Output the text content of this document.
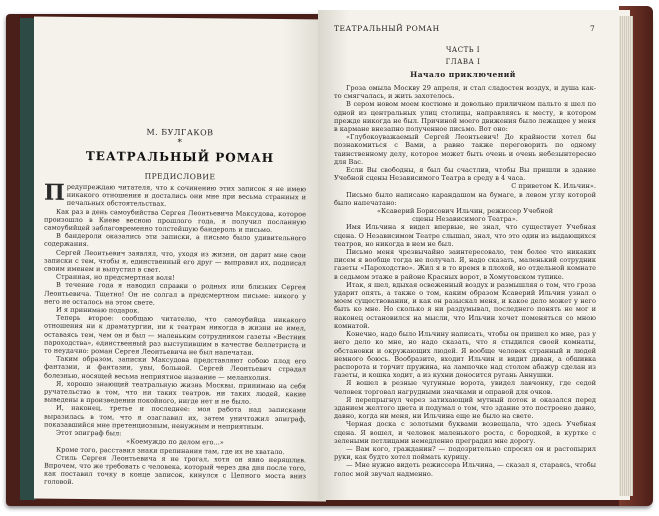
М. БУЛГАКОВ
*
ТЕАТРАЛЬНЫЙ РОМАН
ПРЕДИСЛОВИЕ

Предупреждаю читателя, что к сочинению этих записок я не имею никакого отношения и достались они мне при весьма странных и печальных обстоятельствах.

Как раз в день самоубийства Сергея Леонтьевича Максудова, которое произошло в Киеве весною прошлого года, я получил посланную самоубийцей заблаговременно толстейшую бандероль и письмо.

В бандероли оказались эти записки, а письмо было удивительного содержания.

Сергей Леонтьевич заявлял, что, уходя из жизни, он дарит мне свои записки с тем, чтобы я, единственный его друг — выправил их, подписал своим именем и выпустил в свет.

Странная, но предсмертная воля!

В течение года я наводил справки о родных или близких Сергея Леонтьевича. Тщетно! Он не солгал в предсмертном письме: никого у него не осталось на этом свете.

И я принимаю подарок.

Теперь второе: сообщаю читателю, что самоубийца никакого отношения ни к драматургии, ни к театрам никогда в жизни не имел, оставаясь тем, чем он и был — маленьким сотрудником газеты «Вестник пароходства», единственный раз выступившим в качестве беллетриста и то неудачно: роман Сергея Леонтьевича не был напечатан.

Таким образом, записки Максудова представляют собою плод его фантазии, и фантазии, увы, больной. Сергей Леонтьевич страдал болезнью, носящей весьма неприятное название — меланхолия.

Я, хорошо знающий театральную жизнь Москвы, принимаю на себя ручательство в том, что ни таких театров, ни таких людей, какие выведены в произведении покойного, нигде нет и не было.

И, наконец, третье и последнее: моя работа над записками выразилась в том, что я озаглавил их, затем уничтожил эпиграф, показавшийся мне претенциозным, ненужным и неприятным.

Этот эпиграф был:

«Коемуждо по делом его...»

Кроме того, расставил знаки препинания там, где их не хватало.

Стиль Сергея Леонтьевича я не трогал, хотя он явно неряшлив. Впрочем, что же требовать с человека, который через два дня после того, как поставил точку в конце записок, кинулся с Цепного моста вниз головой.

ТЕАТРАЛЬНЫЙ РОМАН	7
ЧАСТЬ I
ГЛАВА I
Начало приключений

Гроза омыла Москву 29 апреля, и стал сладостен воздух, и душа как-то смягчалась, и жить захотелось.

В сером новом моем костюме и довольно приличном пальто я шел по одной из центральных улиц столицы, направляясь к месту, в котором прежде никогда не был. Причиной моего движения было лежащее у меня в кармане внезапно полученное письмо. Вот оно:

«Глубокоуважаемый Сергей Леонтьевич! До крайности хотел бы познакомиться с Вами, а равно также переговорить по одному таинственному делу, которое может быть очень и очень небезынтересно для Вас.

Если Вы свободны, я был бы счастлив, чтобы Вы пришли в здание Учебной сцены Независимого Театра в среду в 4 часа.

С приветом К. Ильчин».

Письмо было написано карандашом на бумаге, в левом углу которой было напечатано:

«Ксаверий Борисович Ильчин, режиссер Учебной сцены Независимого Театра».

Имя Ильчина я видел впервые, не знал, что существует Учебная сцена. О Независимом Театре слышал, знал, что это один из выдающихся театров, но никогда в нем не был.

Письмо меня чрезвычайно заинтересовало, тем более что никаких писем я вообще тогда не получал. Я, надо сказать, маленький сотрудник газеты «Пароходство». Жил я в то время в плохой, но отдельной комнате в седьмом этаже в районе Красных ворот, в Хомутовском тупике.

Итак, я шел, вдыхая освеженный воздух и размышляя о том, что гроза ударит опять, а также о том, каким образом Ксаверий Ильчин узнал о моем существовании, и как он разыскал меня, и какое дело может у него быть ко мне. Но сколько я ни раздумывал, последнего понять не мог и наконец остановился на мысли, что Ильчин хочет поменяться со мною комнатой.

Конечно, надо было Ильчину написать, чтобы он пришел ко мне, раз у него дело ко мне, но надо сказать, что я стыдился своей комнаты, обстановки и окружающих людей. Я вообще человек странный и людей немного боюсь. Вообразите, входит Ильчин и видит диван, а обшивка распорота и торчит пружина, на лампочке над столом абажур сделан из газеты, и кошка ходит, а из кухни доносится ругань Аннушки.

Я вошел в резные чугунные ворота, увидел лавчонку, где седой человек торговал нагрудными значками и оправой для очков.

Я перепрыгнул через затихающий мутный поток и оказался перед зданием желтого цвета и подумал о том, что здание это построено давно, давно, когда ни меня, ни Ильчина еще не было на свете.

Черная доска с золотыми буквами возвещала, что здесь Учебная сцена. Я вошел, и человек маленького роста, с бородкой, в куртке с зелеными петлицами немедленно преградил мне дорогу.

— Вам кого, гражданин? — подозрительно спросил он и растопырил руки, как будто хотел поймать курицу.

— Мне нужно видеть режиссера Ильчина, — сказал я, стараясь, чтобы голос мой звучал надменно.
